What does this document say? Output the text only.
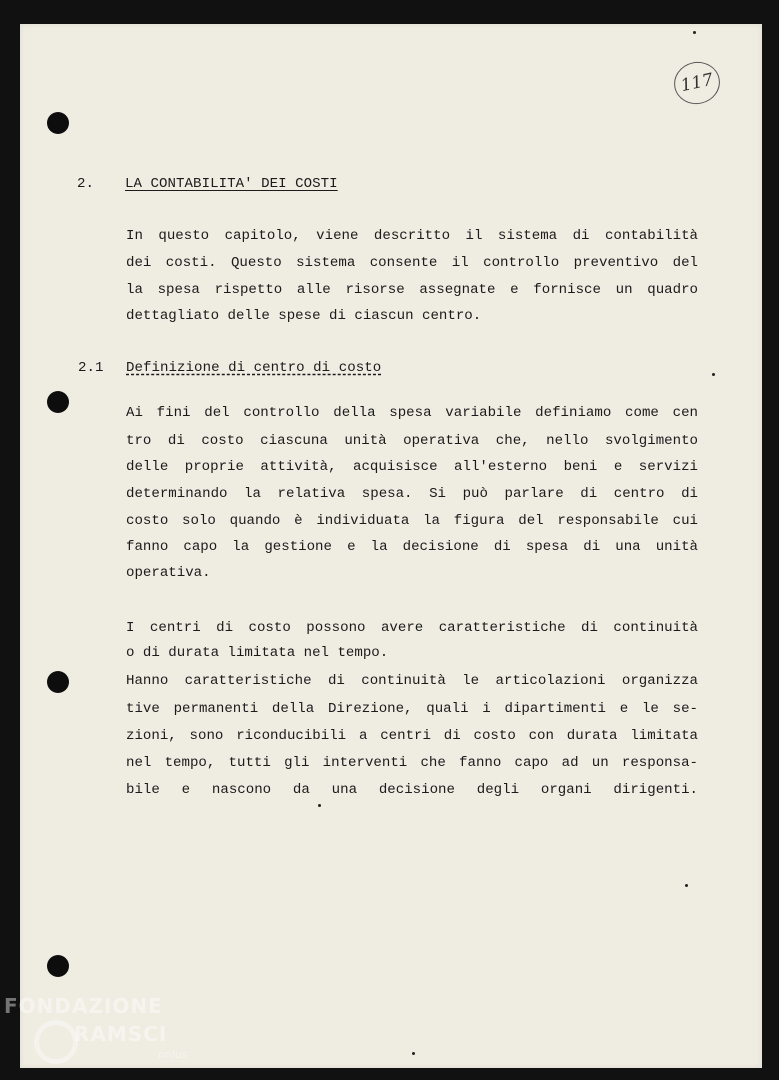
117
2. LA CONTABILITA' DEI COSTI
In questo capitolo, viene descritto il sistema di contabilità
dei costi. Questo sistema consente il controllo preventivo del
la spesa rispetto alle risorse assegnate e fornisce un quadro
dettagliato delle spese di ciascun centro.
2.1 Definizione di centro di costo
Ai fini del controllo della spesa variabile definiamo come cen
tro di costo ciascuna unità operativa che, nello svolgimento
delle proprie attività, acquisisce all'esterno beni e servizi
determinando la relativa spesa. Si può parlare di centro di
costo solo quando è individuata la figura del responsabile cui
fanno capo la gestione e la decisione di spesa di una unità
operativa.
I centri di costo possono avere caratteristiche di continuità
o di durata limitata nel tempo.
Hanno caratteristiche di continuità le articolazioni organizza
tive permanenti della Direzione, quali i dipartimenti e le se-
zioni, sono riconducibili a centri di costo con durata limitata
nel tempo, tutti gli interventi che fanno capo ad un responsa-
bile e nascono da una decisione degli organi dirigenti.
FONDAZIONE
RAMSCI
onlus
